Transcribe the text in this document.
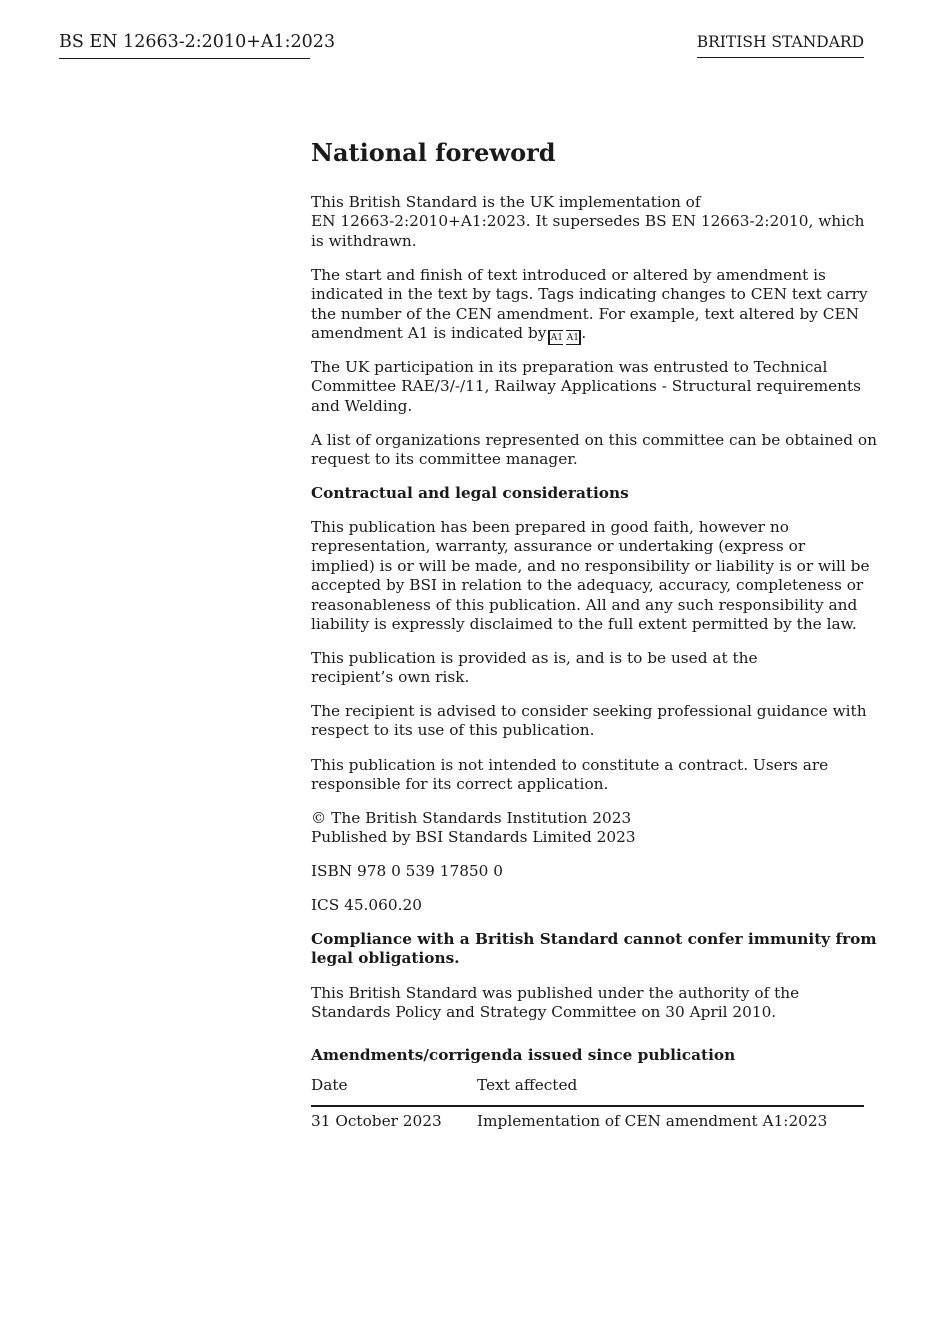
BS EN 12663-2:2010+A1:2023	BRITISH STANDARD
National foreword
This British Standard is the UK implementation of
EN 12663-2:2010+A1:2023. It supersedes BS EN 12663-2:2010, which
is withdrawn.
The start and finish of text introduced or altered by amendment is
indicated in the text by tags. Tags indicating changes to CEN text carry
the number of the CEN amendment. For example, text altered by CEN
amendment A1 is indicated by A1 A1 .
The UK participation in its preparation was entrusted to Technical
Committee RAE/3/-/11, Railway Applications - Structural requirements
and Welding.
A list of organizations represented on this committee can be obtained on
request to its committee manager.
Contractual and legal considerations
This publication has been prepared in good faith, however no
representation, warranty, assurance or undertaking (express or
implied) is or will be made, and no responsibility or liability is or will be
accepted by BSI in relation to the adequacy, accuracy, completeness or
reasonableness of this publication. All and any such responsibility and
liability is expressly disclaimed to the full extent permitted by the law.
This publication is provided as is, and is to be used at the
recipient’s own risk.
The recipient is advised to consider seeking professional guidance with
respect to its use of this publication.
This publication is not intended to constitute a contract. Users are
responsible for its correct application.
© The British Standards Institution 2023
Published by BSI Standards Limited 2023
ISBN 978 0 539 17850 0
ICS 45.060.20
Compliance with a British Standard cannot confer immunity from
legal obligations.
This British Standard was published under the authority of the
Standards Policy and Strategy Committee on 30 April 2010.
Amendments/corrigenda issued since publication
Date	Text affected
31 October 2023	Implementation of CEN amendment A1:2023
